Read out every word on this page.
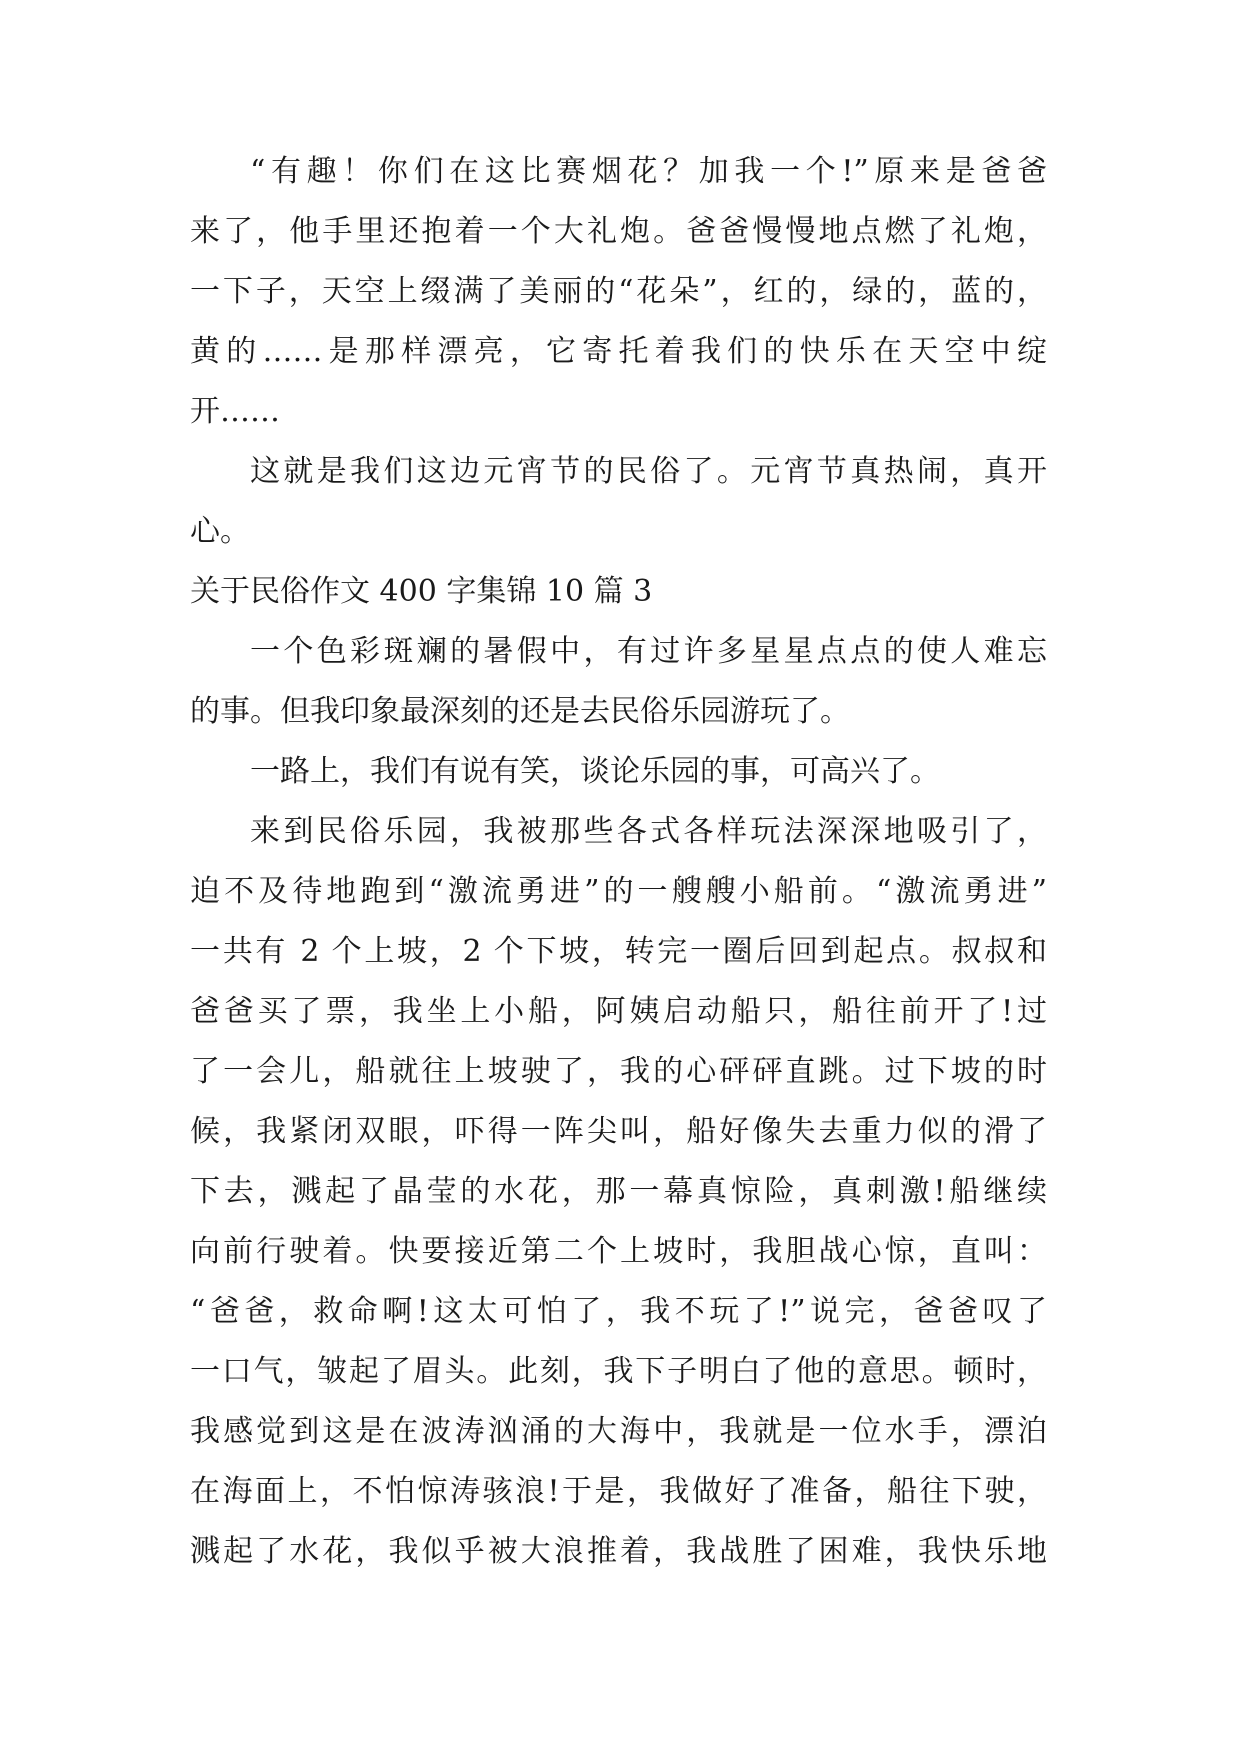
“有趣！你们在这比赛烟花？加我一个!”原来是爸爸

来了，他手里还抱着一个大礼炮。爸爸慢慢地点燃了礼炮，

一下子，天空上缀满了美丽的“花朵”，红的，绿的，蓝的，

黄的……是那样漂亮，它寄托着我们的快乐在天空中绽

开……

这就是我们这边元宵节的民俗了。元宵节真热闹，真开

心。

关于民俗作文 400 字集锦 10 篇 3

一个色彩斑斓的暑假中，有过许多星星点点的使人难忘

的事。但我印象最深刻的还是去民俗乐园游玩了。

一路上，我们有说有笑，谈论乐园的事，可高兴了。

来到民俗乐园，我被那些各式各样玩法深深地吸引了，

迫不及待地跑到“激流勇进”的一艘艘小船前。“激流勇进”

一共有 2 个上坡，2 个下坡，转完一圈后回到起点。叔叔和

爸爸买了票，我坐上小船，阿姨启动船只，船往前开了!过

了一会儿，船就往上坡驶了，我的心砰砰直跳。过下坡的时

候，我紧闭双眼，吓得一阵尖叫，船好像失去重力似的滑了

下去，溅起了晶莹的水花，那一幕真惊险，真刺激!船继续

向前行驶着。快要接近第二个上坡时，我胆战心惊，直叫：

“爸爸，救命啊!这太可怕了，我不玩了!”说完，爸爸叹了

一口气，皱起了眉头。此刻，我下子明白了他的意思。顿时，

我感觉到这是在波涛汹涌的大海中，我就是一位水手，漂泊

在海面上，不怕惊涛骇浪!于是，我做好了准备，船往下驶，

溅起了水花，我似乎被大浪推着，我战胜了困难，我快乐地
